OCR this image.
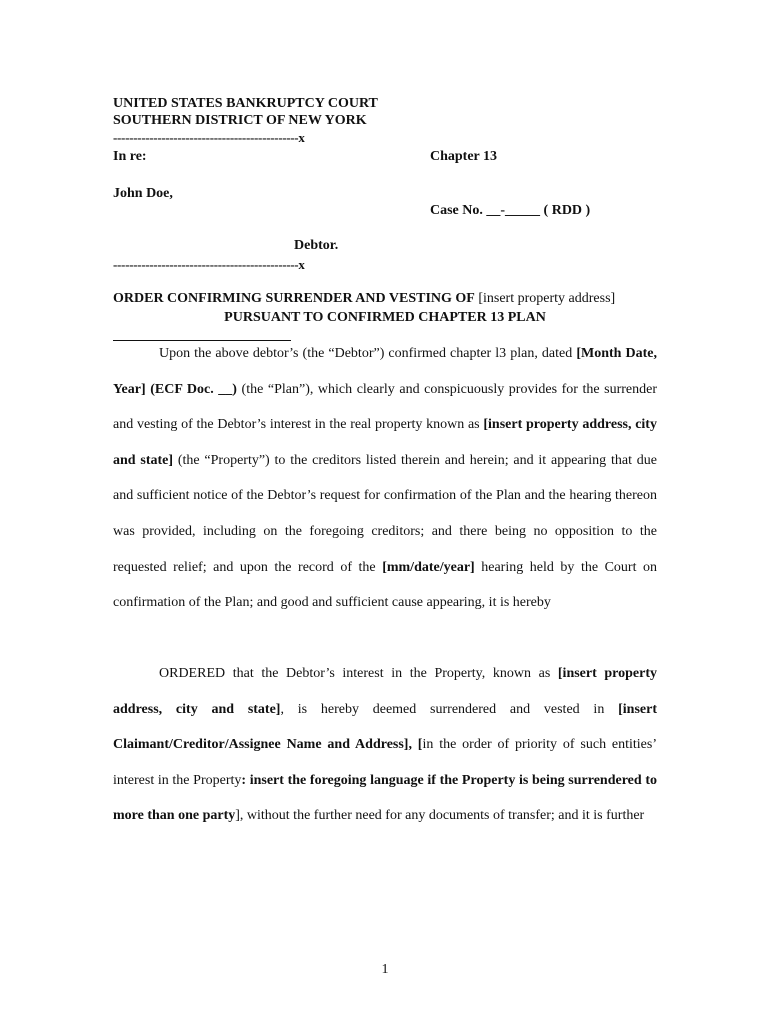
UNITED STATES BANKRUPTCY COURT
SOUTHERN DISTRICT OF NEW YORK
----------------------------------------------x
In re:	Chapter 13
John Doe,
Case No. __-_____ ( RDD )
Debtor.
----------------------------------------------x
ORDER CONFIRMING SURRENDER AND VESTING OF [insert property address]
PURSUANT TO CONFIRMED CHAPTER 13 PLAN

Upon the above debtor’s (the “Debtor”) confirmed chapter l3 plan, dated [Month Date, Year] (ECF Doc. __) (the “Plan”), which clearly and conspicuously provides for the surrender and vesting of the Debtor’s interest in the real property known as [insert property address, city and state] (the “Property”) to the creditors listed therein and herein; and it appearing that due and sufficient notice of the Debtor’s request for confirmation of the Plan and the hearing thereon was provided, including on the foregoing creditors; and there being no opposition to the requested relief; and upon the record of the [mm/date/year] hearing held by the Court on confirmation of the Plan; and good and sufficient cause appearing, it is hereby

ORDERED that the Debtor’s interest in the Property, known as [insert property address, city and state], is hereby deemed surrendered and vested in [insert Claimant/Creditor/Assignee Name and Address], [in the order of priority of such entities’ interest in the Property: insert the foregoing language if the Property is being surrendered to more than one party], without the further need for any documents of transfer; and it is further

1
